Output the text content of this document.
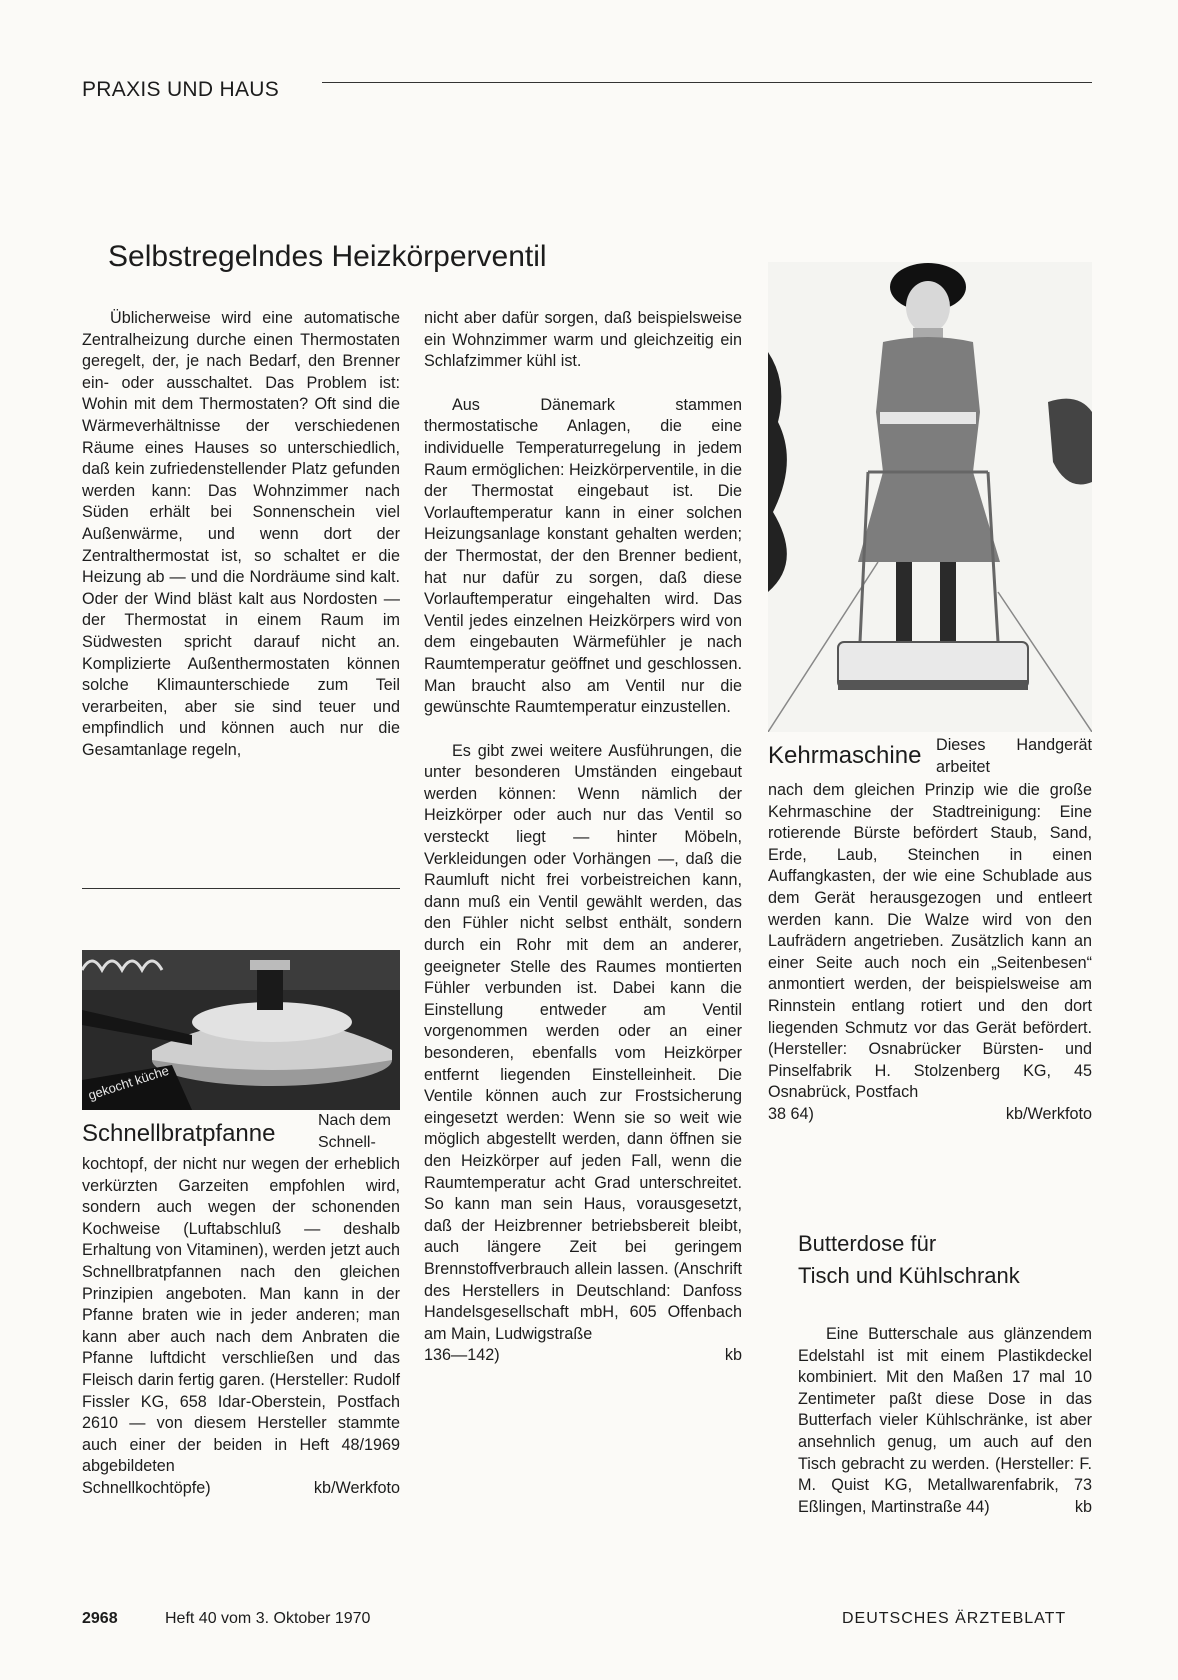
PRAXIS UND HAUS
Selbstregelndes Heizkörperventil

Üblicherweise wird eine automatische Zentralheizung durche einen Thermostaten geregelt, der, je nach Bedarf, den Brenner ein- oder ausschaltet. Das Problem ist: Wohin mit dem Thermostaten? Oft sind die Wärmeverhältnisse der verschiedenen Räume eines Hauses so unterschiedlich, daß kein zufriedenstellender Platz gefunden werden kann: Das Wohnzimmer nach Süden erhält bei Sonnenschein viel Außenwärme, und wenn dort der Zentralthermostat ist, so schaltet er die Heizung ab — und die Nordräume sind kalt. Oder der Wind bläst kalt aus Nordosten — der Thermostat in einem Raum im Südwesten spricht darauf nicht an. Komplizierte Außenthermostaten können solche Klimaunterschiede zum Teil verarbeiten, aber sie sind teuer und empfindlich und können auch nur die Gesamtanlage regeln,

gekocht küche
Schnellbratpfanne	Nach dem Schnell-

kochtopf, der nicht nur wegen der erheblich verkürzten Garzeiten empfohlen wird, sondern auch wegen der schonenden Kochweise (Luftabschluß — deshalb Erhaltung von Vitaminen), werden jetzt auch Schnellbratpfannen nach den gleichen Prinzipien angeboten. Man kann in der Pfanne braten wie in jeder anderen; man kann aber auch nach dem Anbraten die Pfanne luftdicht verschließen und das Fleisch darin fertig garen. (Hersteller: Rudolf Fissler KG, 658 Idar-Oberstein, Postfach 2610 — von diesem Hersteller stammte auch einer der beiden in Heft 48/1969 abgebildeten

Schnellkochtöpfe)	kb/Werkfoto

nicht aber dafür sorgen, daß beispielsweise ein Wohnzimmer warm und gleichzeitig ein Schlafzimmer kühl ist.

Aus Dänemark stammen thermostatische Anlagen, die eine individuelle Temperaturregelung in jedem Raum ermöglichen: Heizkörperventile, in die der Thermostat eingebaut ist. Die Vorlauftemperatur kann in einer solchen Heizungsanlage konstant gehalten werden; der Thermostat, der den Brenner bedient, hat nur dafür zu sorgen, daß diese Vorlauftemperatur eingehalten wird. Das Ventil jedes einzelnen Heizkörpers wird von dem eingebauten Wärmefühler je nach Raumtemperatur geöffnet und geschlossen. Man braucht also am Ventil nur die gewünschte Raumtemperatur einzustellen.

Es gibt zwei weitere Ausführungen, die unter besonderen Umständen eingebaut werden können: Wenn nämlich der Heizkörper oder auch nur das Ventil so versteckt liegt — hinter Möbeln, Verkleidungen oder Vorhängen —, daß die Raumluft nicht frei vorbeistreichen kann, dann muß ein Ventil gewählt werden, das den Fühler nicht selbst enthält, sondern durch ein Rohr mit dem an anderer, geeigneter Stelle des Raumes montierten Fühler verbunden ist. Dabei kann die Einstellung entweder am Ventil vorgenommen werden oder an einer besonderen, ebenfalls vom Heizkörper entfernt liegenden Einstelleinheit. Die Ventile können auch zur Frostsicherung eingesetzt werden: Wenn sie so weit wie möglich abgestellt werden, dann öffnen sie den Heizkörper auf jeden Fall, wenn die Raumtemperatur acht Grad unterschreitet. So kann man sein Haus, vorausgesetzt, daß der Heizbrenner betriebsbereit bleibt, auch längere Zeit bei geringem Brennstoffverbrauch allein lassen. (Anschrift des Herstellers in Deutschland: Danfoss Handelsgesellschaft mbH, 605 Offenbach am Main, Ludwigstraße

136—142)	kb
Kehrmaschine Dieses Handgerät arbeitet

nach dem gleichen Prinzip wie die große Kehrmaschine der Stadtreinigung: Eine rotierende Bürste befördert Staub, Sand, Erde, Laub, Steinchen in einen Auffangkasten, der wie eine Schublade aus dem Gerät herausgezogen und entleert werden kann. Die Walze wird von den Laufrädern angetrieben. Zusätzlich kann an einer Seite auch noch ein „Seitenbesen“ anmontiert werden, der beispielsweise am Rinnstein entlang rotiert und den dort liegenden Schmutz vor das Gerät befördert. (Hersteller: Osnabrücker Bürsten- und Pinselfabrik H. Stolzenberg KG, 45 Osnabrück, Postfach

38 64)	kb/Werkfoto
Butterdose für
Tisch und Kühlschrank

Eine Butterschale aus glänzendem Edelstahl ist mit einem Plastikdeckel kombiniert. Mit den Maßen 17 mal 10 Zentimeter paßt diese Dose in das Butterfach vieler Kühlschränke, ist aber ansehnlich genug, um auch auf den Tisch gebracht zu werden. (Hersteller: F. M. Quist KG, Metallwarenfabrik, 73 Eßlingen, Martinstraße 44)	kb

2968	Heft 40 vom 3. Oktober 1970	DEUTSCHES ÄRZTEBLATT
